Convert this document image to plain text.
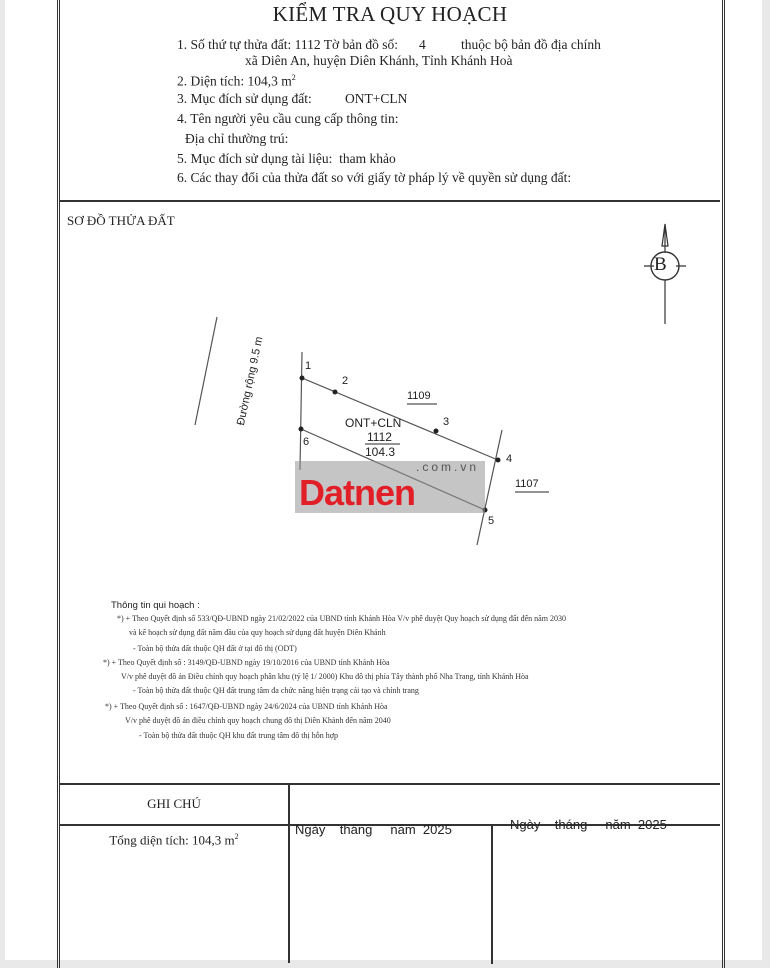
KIỂM TRA QUY HOẠCH
1. Số thứ tự thửa đất: 1112 Tờ bản đồ số: 4	thuộc bộ bản đồ địa chính
xã Diên An, huyện Diên Khánh, Tỉnh Khánh Hoà
2. Diện tích: 104,3 $m^2$
3. Mục đích sử dụng đất: ONT+CLN
4. Tên người yêu cầu cung cấp thông tin:
Địa chỉ thường trú:
5. Mục đích sử dụng tài liệu: tham khảo
6. Các thay đổi của thửa đất so với giấy tờ pháp lý về quyền sử dụng đất:
SƠ ĐỒ THỬA ĐẤT
B
1
2
3
4
5
6
1109
1107
ONT+CLN
1112
104.3
Đường rộng 9.5 m
.com.vn
Datnen
Thông tin qui hoạch :
*) + Theo Quyết định số 533/QĐ-UBND ngày 21/02/2022 của UBND tỉnh Khánh Hòa V/v phê duyệt Quy hoạch sử dụng đất đến năm 2030
và kế hoạch sử dụng đất năm đầu của quy hoạch sử dụng đất huyện Diên Khánh
- Toàn bộ thửa đất thuộc QH đất ở tại đô thị (ODT)
*) + Theo Quyết định số : 3149/QĐ-UBND ngày 19/10/2016 của UBND tỉnh Khánh Hòa
V/v phê duyệt đồ án Điều chỉnh quy hoạch phân khu (tỷ lệ 1/ 2000) Khu đô thị phía Tây thành phố Nha Trang, tỉnh Khánh Hòa
- Toàn bộ thửa đất thuộc QH đất trung tâm đa chức năng hiện trạng cải tạo và chỉnh trang
*) + Theo Quyết định số : 1647/QĐ-UBND ngày 24/6/2024 của UBND tỉnh Khánh Hòa
V/v phê duyệt đồ án điều chỉnh quy hoạch chung đô thị Diên Khánh đến năm 2040
- Toàn bộ thửa đất thuộc QH khu đất trung tâm đô thị hỗn hợp
GHI CHÚ
Tổng diện tích: 104,3 $m^2$	Ngày    tháng     năm  2025	Ngày    tháng     năm  2025
